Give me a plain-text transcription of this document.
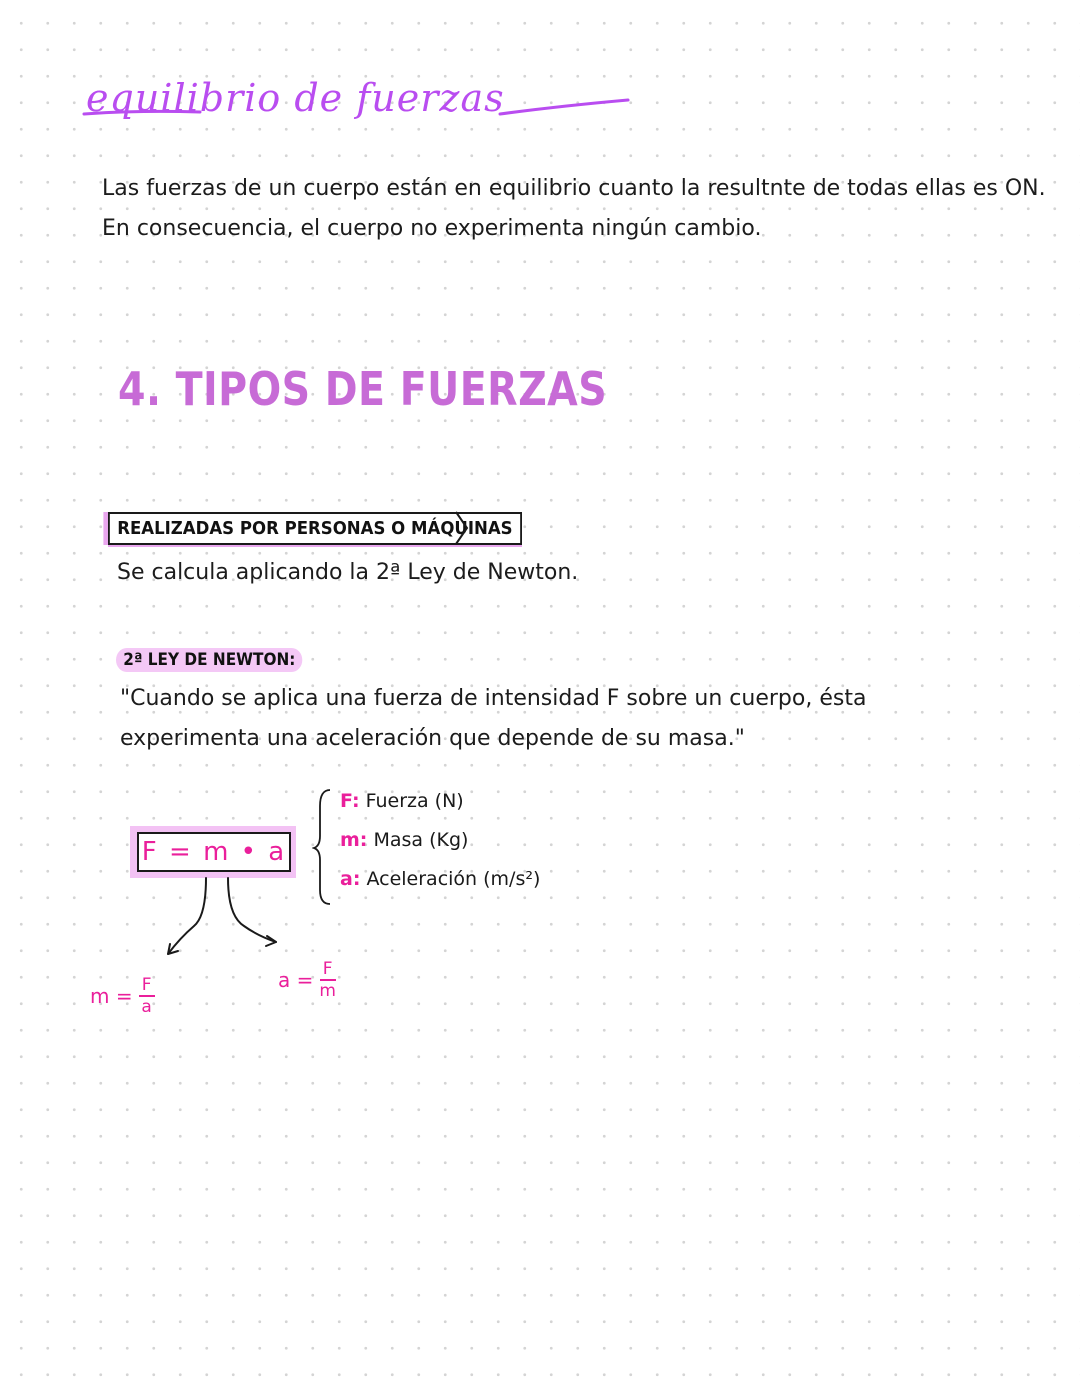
equilibrio de fuerzas
Las fuerzas de un cuerpo están en equilibrio cuanto la resultnte de todas ellas es ON.
En consecuencia, el cuerpo no experimenta ningún cambio.
4. TIPOS DE FUERZAS
REALIZADAS POR PERSONAS O MÁQUINAS
Se calcula aplicando la 2ª Ley de Newton.
2ª LEY DE NEWTON:
"Cuando se aplica una fuerza de intensidad F sobre un cuerpo, ésta
experimenta una aceleración que depende de su masa."
F = m • a
F: Fuerza (N)
m: Masa (Kg)
a: Aceleración (m/s²)
$m = \frac{F}{a}$	$a = \frac{F}{m}$
